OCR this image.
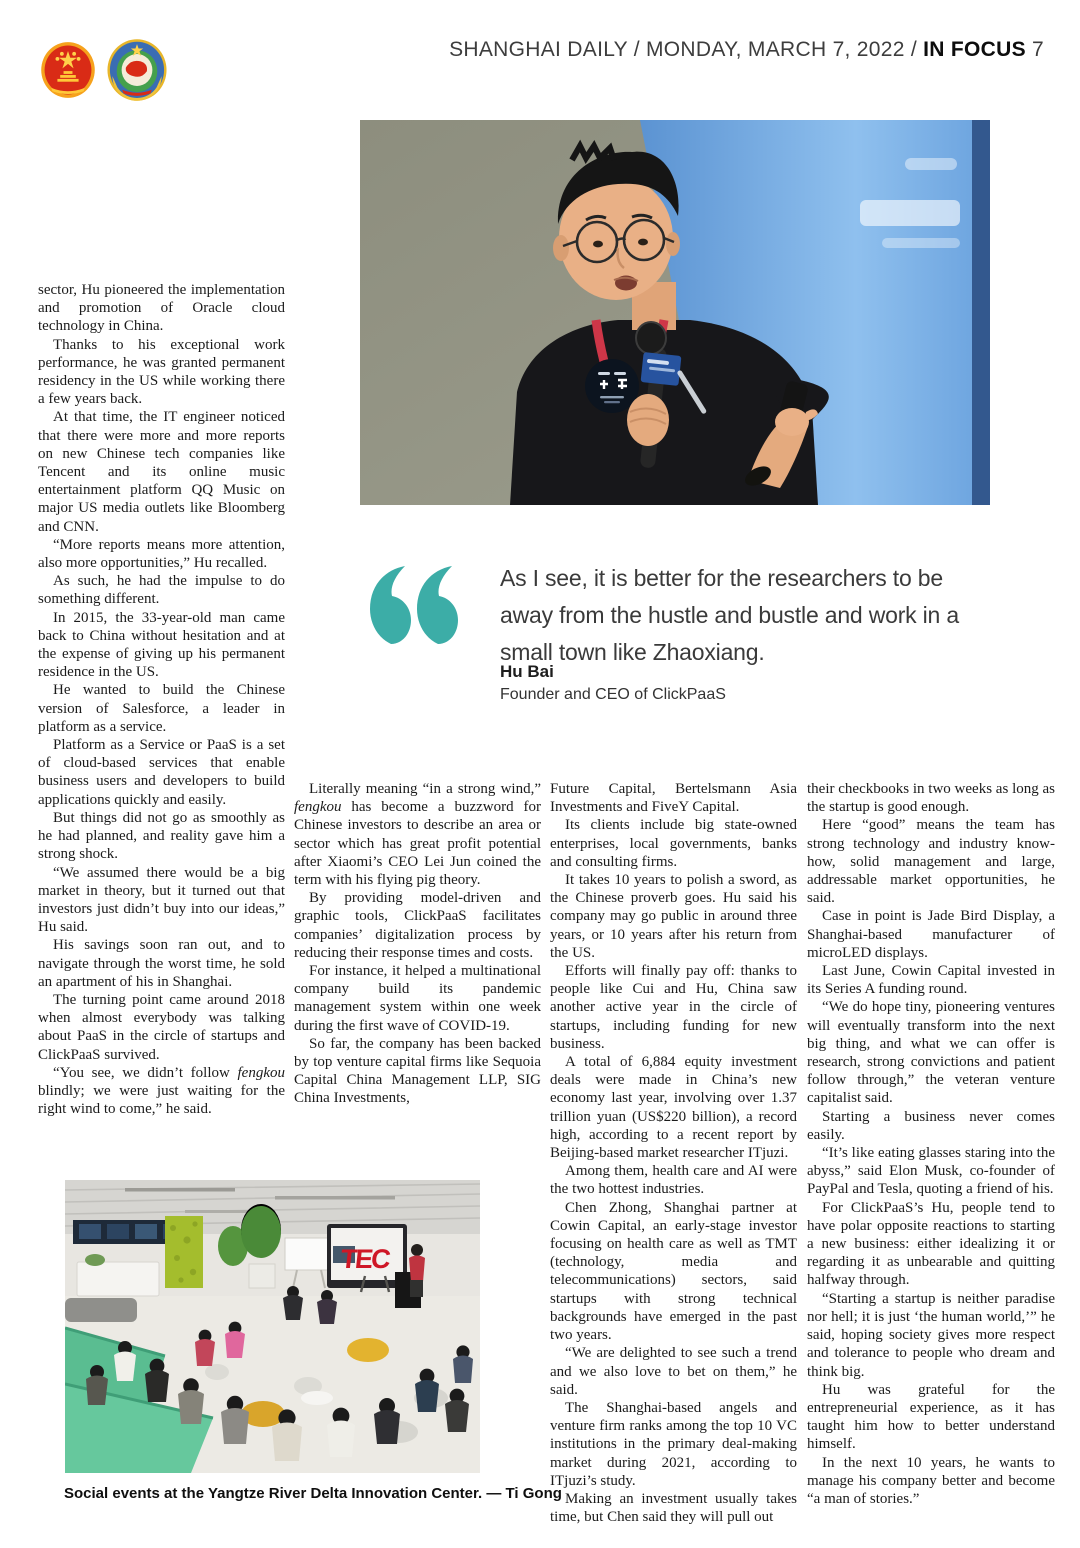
SHANGHAI DAILY / MONDAY, MARCH 7, 2022 / IN FOCUS 7
As I see, it is better for the researchers to be
away from the hustle and bustle and work in a
small town like Zhaoxiang.
Hu Bai
Founder and CEO of ClickPaaS

sector, Hu pioneered the implementation and promotion of Oracle cloud technology in China.

Thanks to his exceptional work performance, he was granted permanent residency in the US while working there a few years back.

At that time, the IT engineer noticed that there were more and more reports on new Chinese tech companies like Tencent and its online music entertainment platform QQ Music on major US media outlets like Bloomberg and CNN.

“More reports means more attention, also more opportunities,” Hu recalled.

As such, he had the impulse to do something different.

In 2015, the 33-year-old man came back to China without hesitation and at the expense of giving up his permanent residence in the US.

He wanted to build the Chinese version of Salesforce, a leader in platform as a service.

Platform as a Service or PaaS is a set of cloud-based services that enable business users and developers to build applications quickly and easily.

But things did not go as smoothly as he had planned, and reality gave him a strong shock.

“We assumed there would be a big market in theory, but it turned out that investors just didn’t buy into our ideas,” Hu said.

His savings soon ran out, and to navigate through the worst time, he sold an apartment of his in Shanghai.

The turning point came around 2018 when almost everybody was talking about PaaS in the circle of startups and ClickPaaS survived.

“You see, we didn’t follow fengkou blindly; we were just waiting for the right wind to come,” he said.

Literally meaning “in a strong wind,” fengkou has become a buzzword for Chinese investors to describe an area or sector which has great profit potential after Xiaomi’s CEO Lei Jun coined the term with his flying pig theory.

By providing model-driven and graphic tools, ClickPaaS facilitates companies’ digitalization process by reducing their response times and costs.

For instance, it helped a multinational company build its pandemic management system within one week during the first wave of COVID-19.

So far, the company has been backed by top venture capital firms like Sequoia Capital China Management LLP, SIG China Investments,

Future Capital, Bertelsmann Asia Investments and FiveY Capital.

Its clients include big state-owned enterprises, local governments, banks and consulting firms.

It takes 10 years to polish a sword, as the Chinese proverb goes. Hu said his company may go public in around three years, or 10 years after his return from the US.

Efforts will finally pay off: thanks to people like Cui and Hu, China saw another active year in the circle of startups, including funding for new business.

A total of 6,884 equity investment deals were made in China’s new economy last year, involving over 1.37 trillion yuan (US$220 billion), a record high, according to a recent report by Beijing-based market researcher ITjuzi.

Among them, health care and AI were the two hottest industries.

Chen Zhong, Shanghai partner at Cowin Capital, an early-stage investor focusing on health care as well as TMT (technology, media and telecommunications) sectors, said startups with strong technical backgrounds have emerged in the past two years.

“We are delighted to see such a trend and we also love to bet on them,” he said.

The Shanghai-based angels and venture firm ranks among the top 10 VC institutions in the primary deal-making market during 2021, according to ITjuzi’s study.

Making an investment usually takes time, but Chen said they will pull out

their checkbooks in two weeks as long as the startup is good enough.

Here “good” means the team has strong technology and industry know-how, solid management and large, addressable market opportunities, he said.

Case in point is Jade Bird Display, a Shanghai-based manufacturer of microLED displays.

Last June, Cowin Capital invested in its Series A funding round.

“We do hope tiny, pioneering ventures will eventually transform into the next big thing, and what we can offer is research, strong convictions and patient follow through,” the veteran venture capitalist said.

Starting a business never comes easily.

“It’s like eating glasses staring into the abyss,” said Elon Musk, co-founder of PayPal and Tesla, quoting a friend of his.

For ClickPaaS’s Hu, people tend to have polar opposite reactions to starting a new business: either idealizing it or regarding it as unbearable and quitting halfway through.

“Starting a startup is neither paradise nor hell; it is just ‘the human world,’” he said, hoping society gives more respect and tolerance to people who dream and think big.

Hu was grateful for the entrepreneurial experience, as it has taught him how to better understand himself.

In the next 10 years, he wants to manage his company better and become “a man of stories.”

TEC
Social events at the Yangtze River Delta Innovation Center. — Ti Gong
